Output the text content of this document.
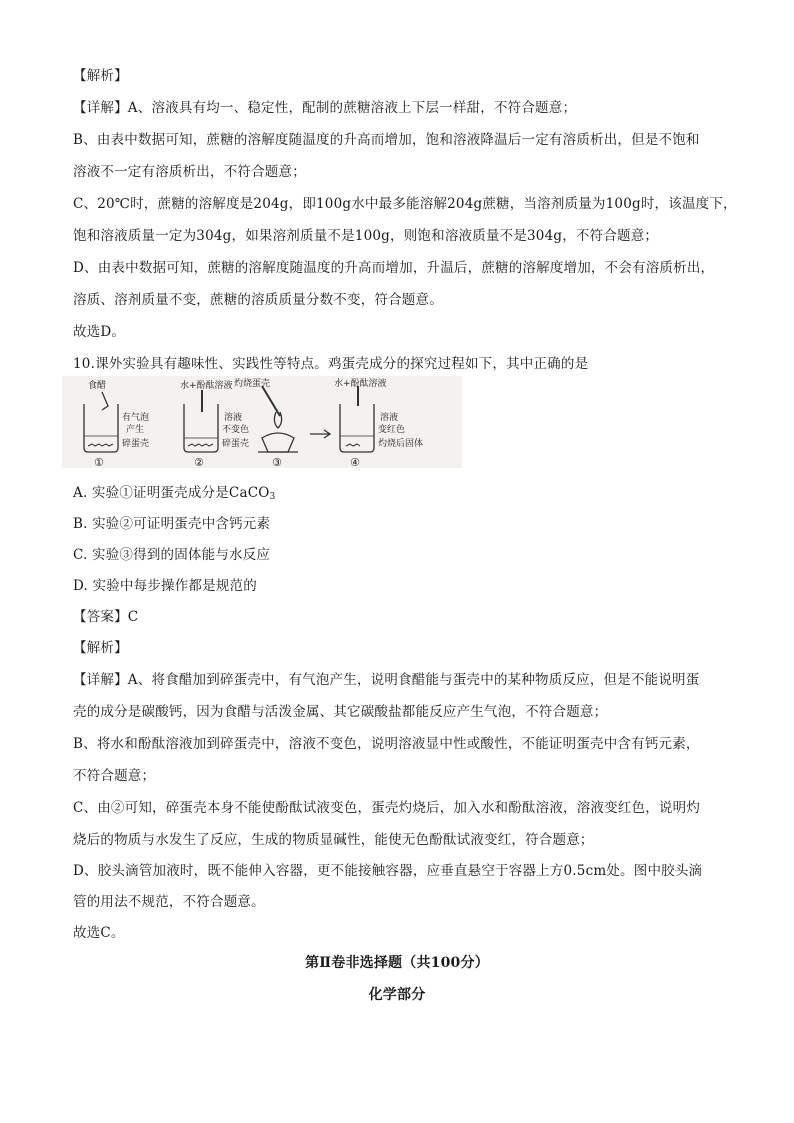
【解析】
【详解】A、溶液具有均一、稳定性，配制的蔗糖溶液上下层一样甜，不符合题意；
B、由表中数据可知，蔗糖的溶解度随温度的升高而增加，饱和溶液降温后一定有溶质析出，但是不饱和
溶液不一定有溶质析出，不符合题意；
C、20℃时，蔗糖的溶解度是204g，即100g水中最多能溶解204g蔗糖，当溶剂质量为100g时，该温度下，
饱和溶液质量一定为304g，如果溶剂质量不是100g，则饱和溶液质量不是304g，不符合题意；
D、由表中数据可知，蔗糖的溶解度随温度的升高而增加，升温后，蔗糖的溶解度增加，不会有溶质析出，
溶质、溶剂质量不变，蔗糖的溶质质量分数不变，符合题意。
故选D。
10.课外实验具有趣味性、实践性等特点。鸡蛋壳成分的探究过程如下，其中正确的是
食醋
有气泡
产生
碎蛋壳
水+酚酞溶液
溶液
不变色
碎蛋壳
灼烧蛋壳	水+酚酞溶液
溶液
变红色
灼烧后固体
①	②	③	④
A. 实验①证明蛋壳成分是CaCO$_3$
B. 实验②可证明蛋壳中含钙元素
C. 实验③得到的固体能与水反应
D. 实验中每步操作都是规范的
【答案】C
【解析】
【详解】A、将食醋加到碎蛋壳中，有气泡产生，说明食醋能与蛋壳中的某种物质反应，但是不能说明蛋
壳的成分是碳酸钙，因为食醋与活泼金属、其它碳酸盐都能反应产生气泡，不符合题意；
B、将水和酚酞溶液加到碎蛋壳中，溶液不变色，说明溶液显中性或酸性，不能证明蛋壳中含有钙元素，
不符合题意；
C、由②可知，碎蛋壳本身不能使酚酞试液变色，蛋壳灼烧后，加入水和酚酞溶液，溶液变红色，说明灼
烧后的物质与水发生了反应，生成的物质显碱性，能使无色酚酞试液变红，符合题意；
D、胶头滴管加液时，既不能伸入容器，更不能接触容器，应垂直悬空于容器上方0.5cm处。图中胶头滴
管的用法不规范，不符合题意。
故选C。
第Ⅱ卷非选择题（共100分）
化学部分
